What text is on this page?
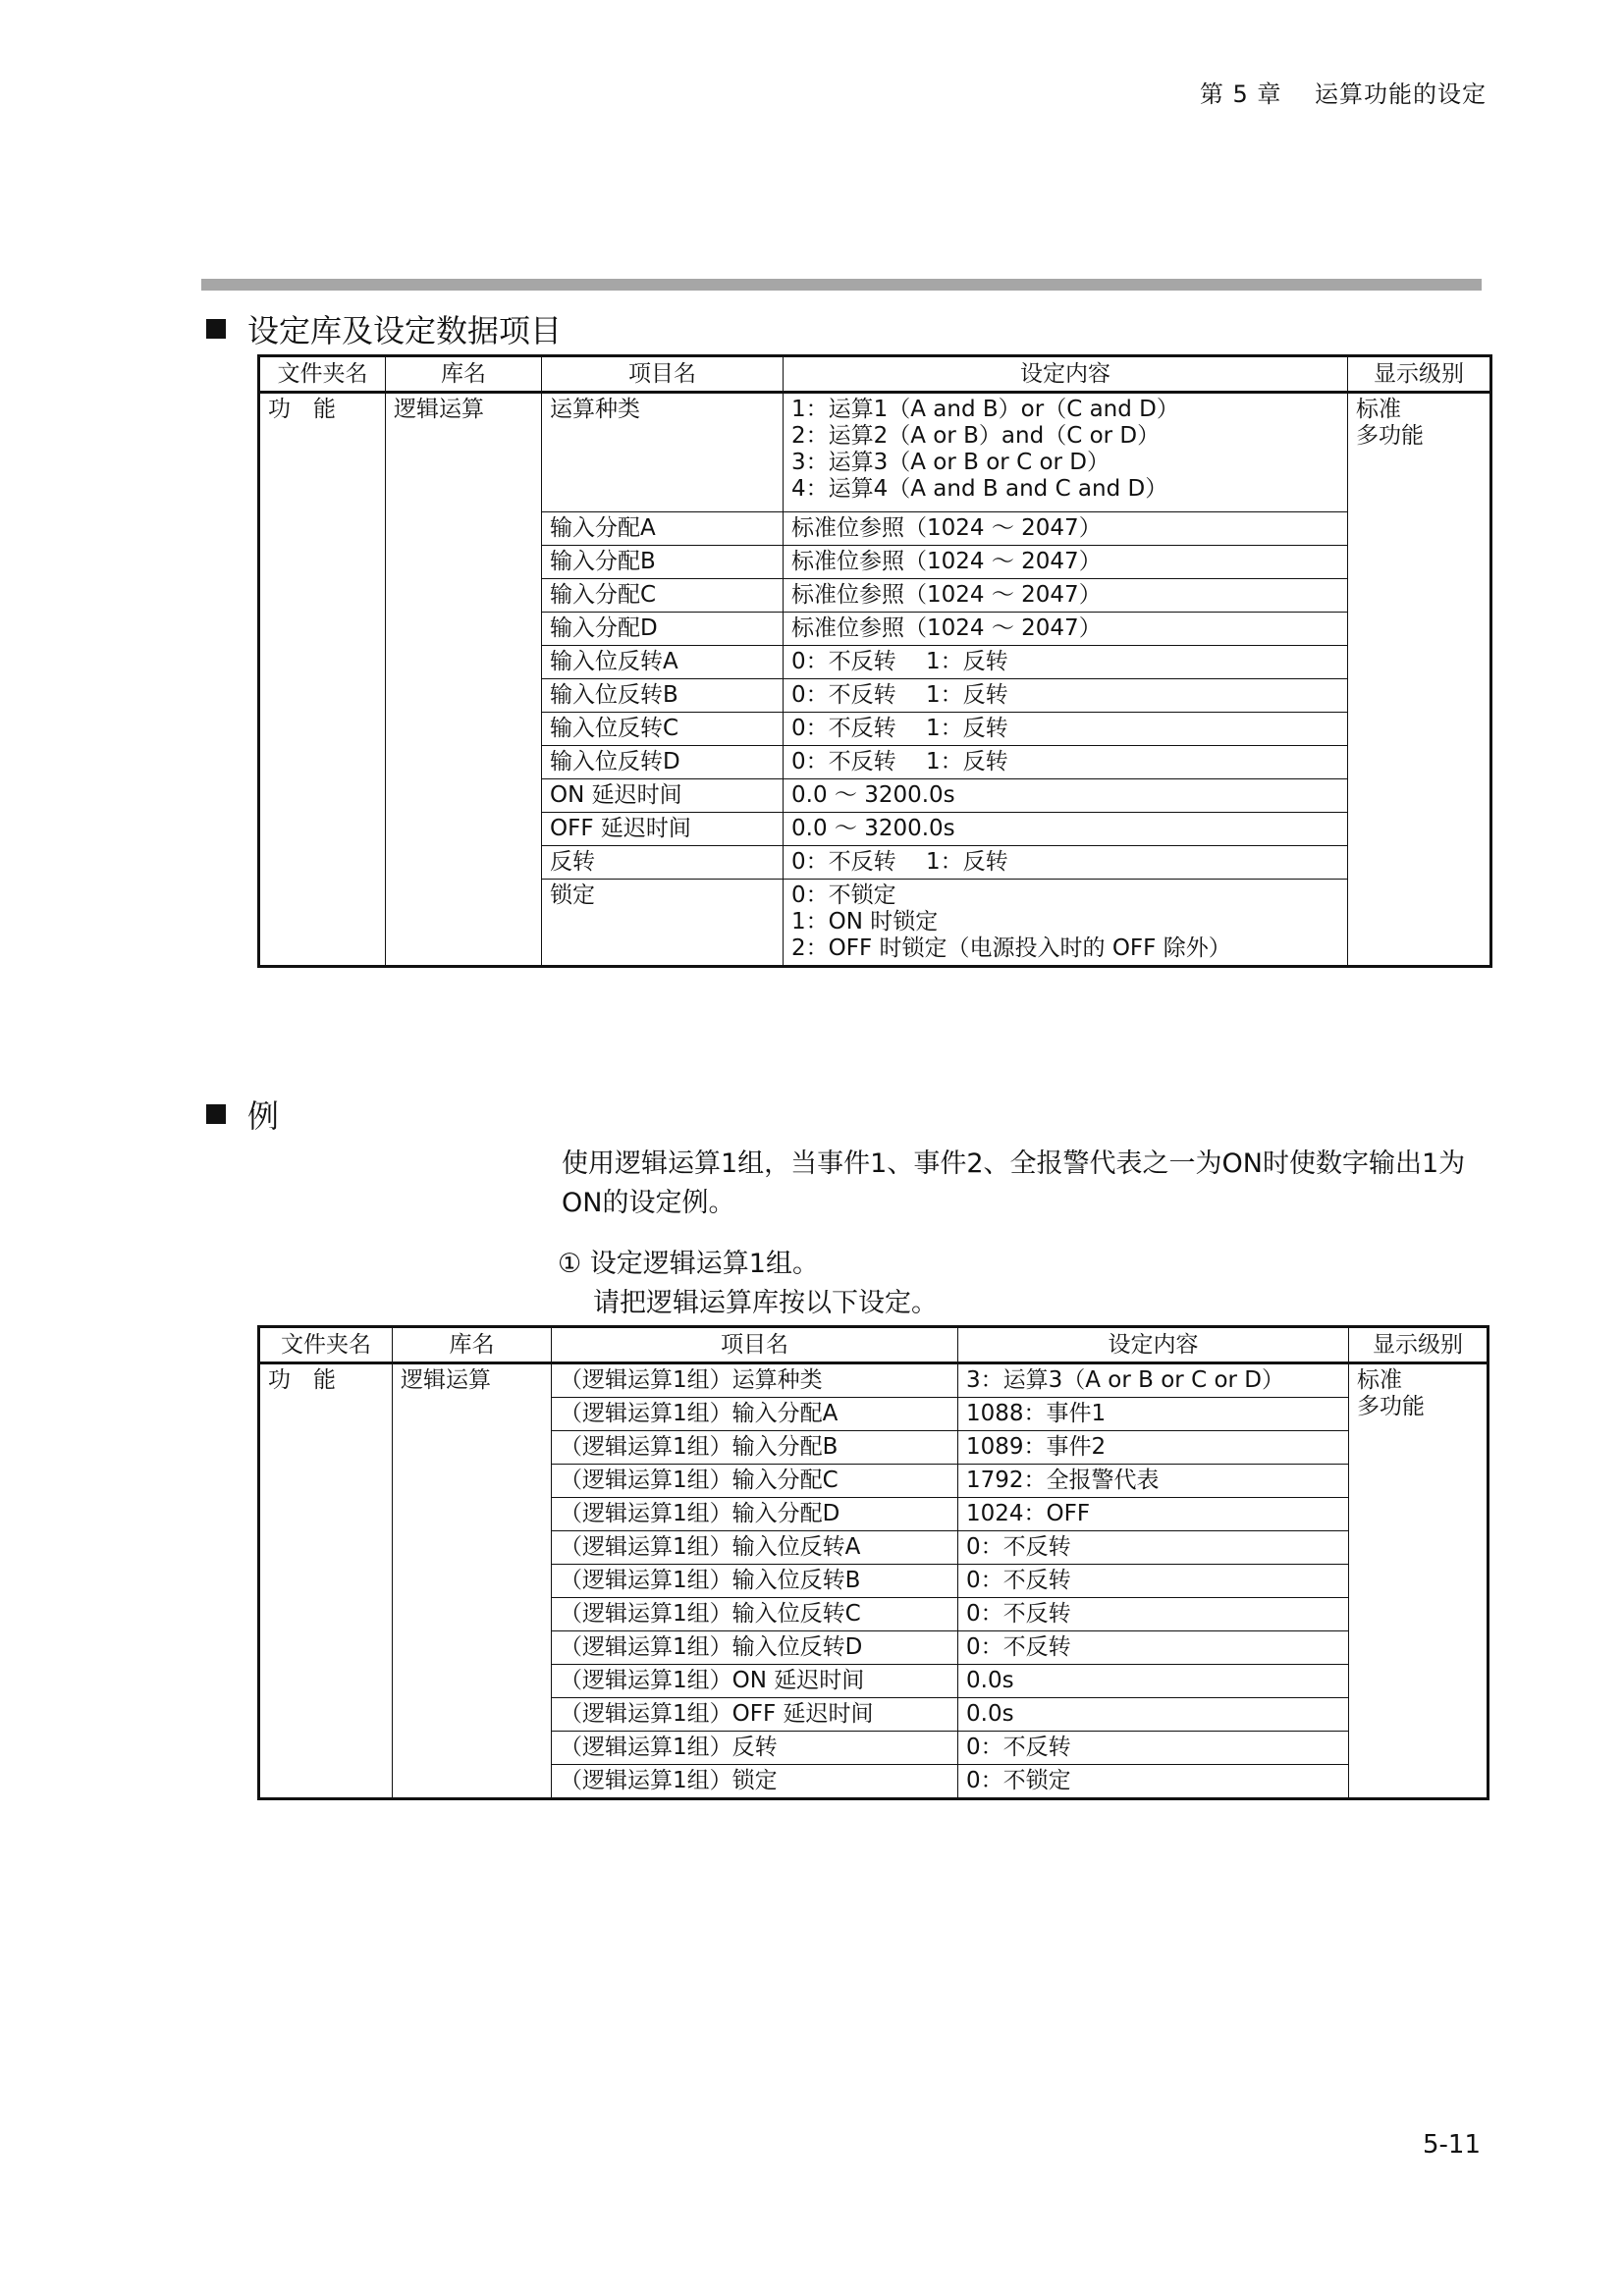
第 5 章　 运算功能的设定
设定库及设定数据项目
文件夹名	库名	项目名	设定内容	显示级别
功　能	逻辑运算	运算种类	1：运算1（A and B）or（C and D）
2：运算2（A or B）and（C or D）
3：运算3（A or B or C or D）
4：运算4（A and B and C and D）	标准
多功能

		输入分配A	标准位参照（1024 ～ 2047）	
		输入分配B	标准位参照（1024 ～ 2047）	
		输入分配C	标准位参照（1024 ～ 2047）	
		输入分配D	标准位参照（1024 ～ 2047）	
		输入位反转A	0：不反转　 1：反转	
		输入位反转B	0：不反转　 1：反转	
		输入位反转C	0：不反转　 1：反转	
		输入位反转D	0：不反转　 1：反转	
		ON 延迟时间	0.0 ～ 3200.0s	
		OFF 延迟时间	0.0 ～ 3200.0s	
		反转	0：不反转　 1：反转	
		锁定	0：不锁定
1：ON 时锁定
2：OFF 时锁定（电源投入时的 OFF 除外）	
例
使用逻辑运算1组，当事件1、事件2、全报警代表之一为ON时使数字输出1为ON的设定例。
① 设定逻辑运算1组。
请把逻辑运算库按以下设定。
文件夹名	库名	项目名	设定内容	显示级别
功　能	逻辑运算	（逻辑运算1组）运算种类	3：运算3（A or B or C or D）	标准
多功能

		（逻辑运算1组）输入分配A	1088：事件1	
		（逻辑运算1组）输入分配B	1089：事件2	
		（逻辑运算1组）输入分配C	1792：全报警代表	
		（逻辑运算1组）输入分配D	1024：OFF	
		（逻辑运算1组）输入位反转A	0：不反转	
		（逻辑运算1组）输入位反转B	0：不反转	
		（逻辑运算1组）输入位反转C	0：不反转	
		（逻辑运算1组）输入位反转D	0：不反转	
		（逻辑运算1组）ON 延迟时间	0.0s	
		（逻辑运算1组）OFF 延迟时间	0.0s	
		（逻辑运算1组）反转	0：不反转	
		（逻辑运算1组）锁定	0：不锁定	
5-11
